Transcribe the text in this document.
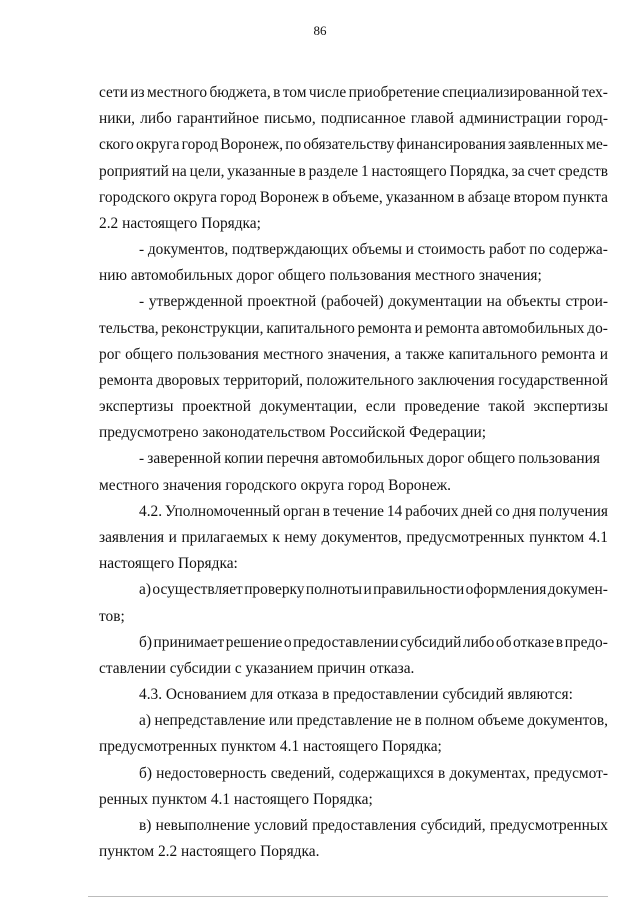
86
сети из местного бюджета, в том числе приобретение специализированной тех-
ники, либо гарантийное письмо, подписанное главой администрации город-
ского округа город Воронеж, по обязательству финансирования заявленных ме-
роприятий на цели, указанные в разделе 1 настоящего Порядка, за счет средств
городского округа город Воронеж в объеме, указанном в абзаце втором пункта
2.2 настоящего Порядка;
- документов, подтверждающих объемы и стоимость работ по содержа-
нию автомобильных дорог общего пользования местного значения;
- утвержденной проектной (рабочей) документации на объекты строи-
тельства, реконструкции, капитального ремонта и ремонта автомобильных до-
рог общего пользования местного значения, а также капитального ремонта и
ремонта дворовых территорий, положительного заключения государственной
экспертизы проектной документации, если проведение такой экспертизы
предусмотрено законодательством Российской Федерации;
- заверенной копии перечня автомобильных дорог общего пользования
местного значения городского округа город Воронеж.
4.2. Уполномоченный орган в течение 14 рабочих дней со дня получения
заявления и прилагаемых к нему документов, предусмотренных пунктом 4.1
настоящего Порядка:
а) осуществляет проверку полноты и правильности оформления докумен-
тов;
б) принимает решение о предоставлении субсидий либо об отказе в предо-
ставлении субсидии с указанием причин отказа.
4.3. Основанием для отказа в предоставлении субсидий являются:
а) непредставление или представление не в полном объеме документов,
предусмотренных пунктом 4.1 настоящего Порядка;
б) недостоверность сведений, содержащихся в документах, предусмот-
ренных пунктом 4.1 настоящего Порядка;
в) невыполнение условий предоставления субсидий, предусмотренных
пунктом 2.2 настоящего Порядка.
